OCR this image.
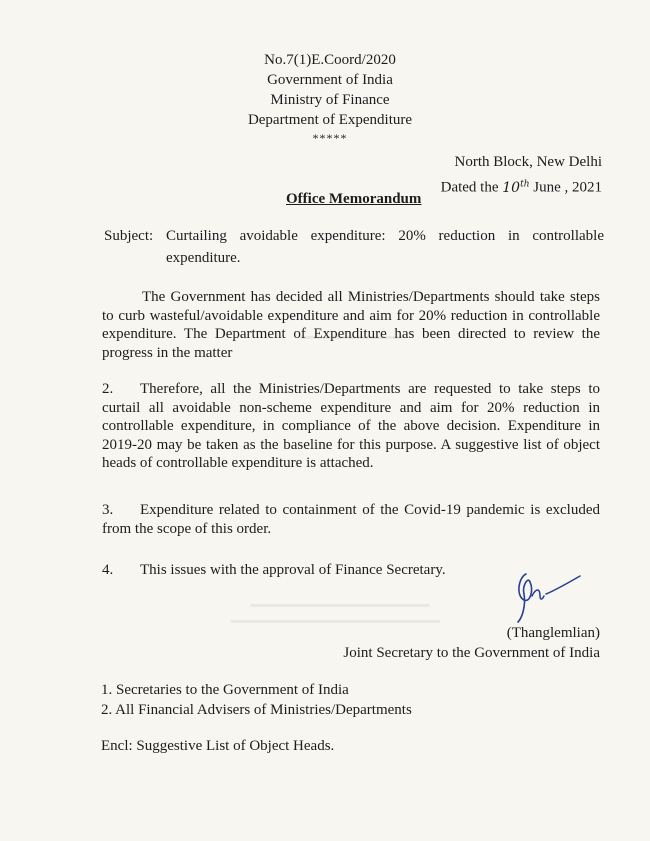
No.7(1)E.Coord/2020
Government of India
Ministry of Finance
Department of Expenditure
*****
North Block, New Delhi
Dated the 10th June , 2021
Office Memorandum
Subject: Curtailing avoidable expenditure: 20% reduction in controllable expenditure.
The Government has decided all Ministries/Departments should take steps to curb wasteful/avoidable expenditure and aim for 20% reduction in controllable expenditure. The Department of Expenditure has been directed to review the progress in the matter
2. Therefore, all the Ministries/Departments are requested to take steps to curtail all avoidable non-scheme expenditure and aim for 20% reduction in controllable expenditure, in compliance of the above decision. Expenditure in 2019-20 may be taken as the baseline for this purpose. A suggestive list of object heads of controllable expenditure is attached.
3. Expenditure related to containment of the Covid-19 pandemic is excluded from the scope of this order.
4. This issues with the approval of Finance Secretary.
(Thanglemlian)
Joint Secretary to the Government of India
1. Secretaries to the Government of India
2. All Financial Advisers of Ministries/Departments
Encl: Suggestive List of Object Heads.
